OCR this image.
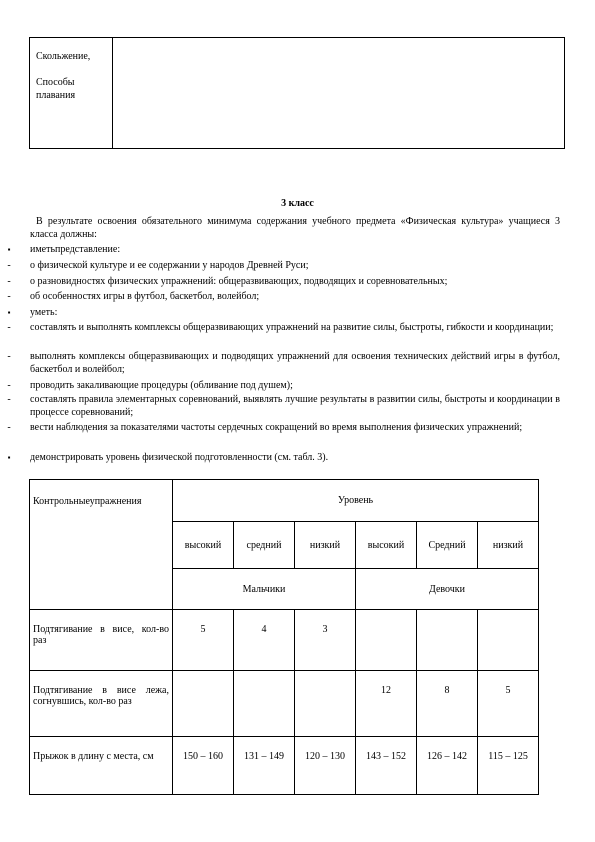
Скольжение,
Способы
плавания
3 класс
В результате освоения обязательного минимума содержания учебного предмета «Физическая культура» учащиеся 3 класса должны:
▪	иметьпредставление:
-	о физической культуре и ее содержании у народов Древней Руси;
-	о разновидностях физических упражнений: общеразвивающих, подводящих и соревновательных;
-	об особенностях игры в футбол, баскетбол, волейбол;
▪	уметь:
-	составлять и выполнять комплексы общеразвивающих упражнений на развитие силы, быстроты, гибкости и координации;
-	выполнять комплексы общеразвивающих и подводящих упражнений для освоения технических действий игры в футбол, баскетбол и волейбол;
-	проводить закаливающие процедуры (обливание под душем);
-	составлять правила элементарных соревнований, выявлять лучшие результаты в развитии силы, быстроты и координации в процессе соревнований;
-	вести наблюдения за показателями частоты сердечных сокращений во время выполнения физических упражнений;
▪	демонстрировать уровень физической подготовленности (см. табл. 3).
Контрольныеупражнения	Уровень					
	высокий	средний	низкий	высокий	Средний	низкий
	Мальчики			Девочки		
Подтягивание в висе, кол-во раз	5	4	3			
Подтягивание в висе лежа, согнувшись, кол-во раз				12	8	5
Прыжок в длину с места, см	150 – 160	131 – 149	120 – 130	143 – 152	126 – 142	115 – 125
